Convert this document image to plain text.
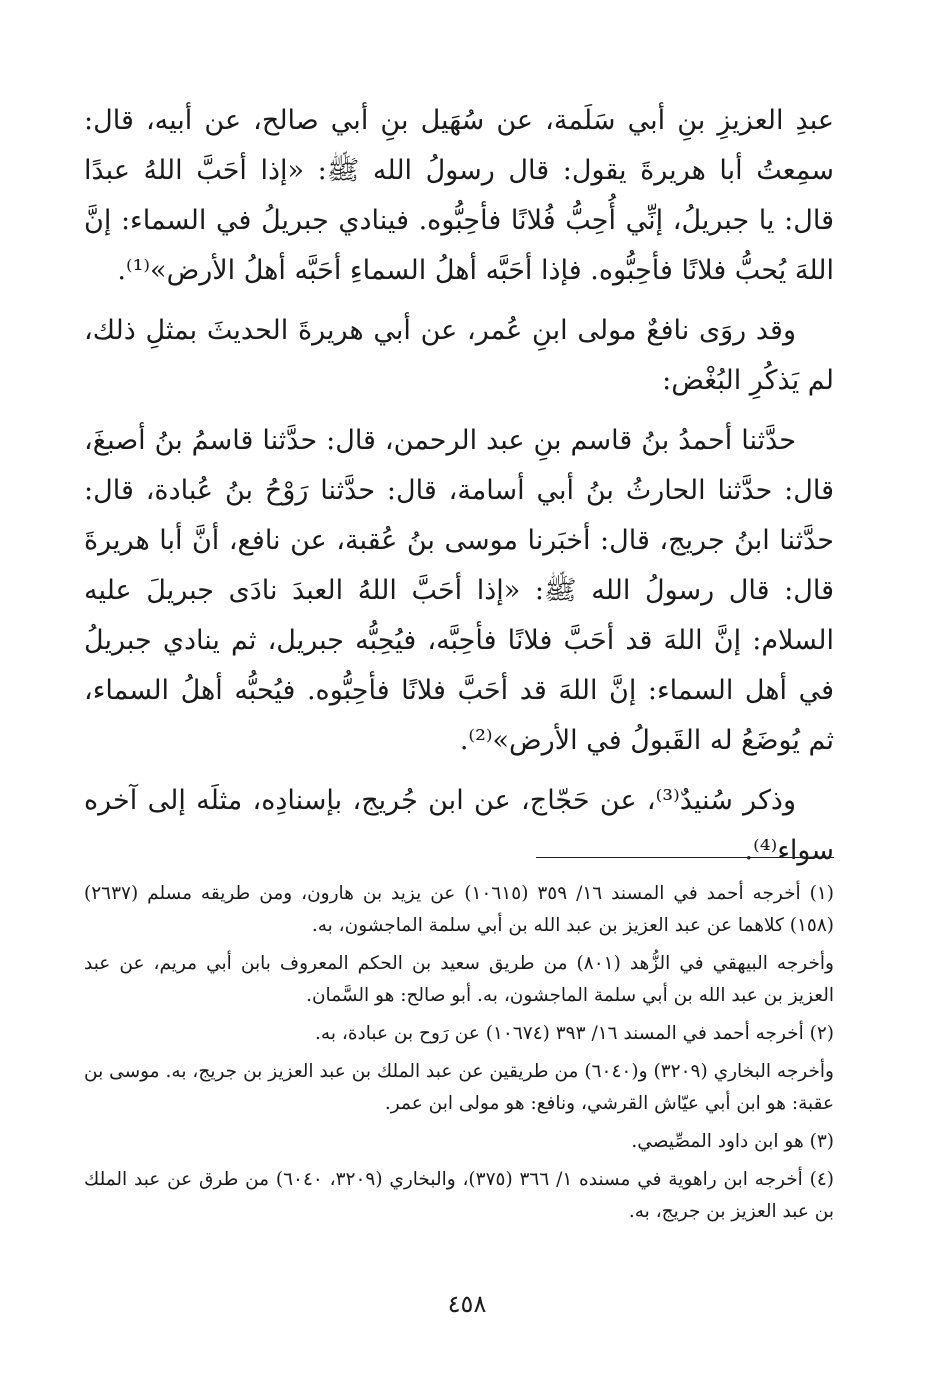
عبدِ العزيزِ بنِ أبي سَلَمة، عن سُهَيل بنِ أبي صالح، عن أبيه، قال: سمِعتُ أبا هريرةَ يقول: قال رسولُ الله ﷺ: «إذا أحَبَّ اللهُ عبدًا قال: يا جبريلُ، إنِّي أُحِبُّ فُلانًا فأحِبُّوه. فينادي جبريلُ في السماء: إنَّ اللهَ يُحبُّ فلانًا فأحِبُّوه. فإذا أحَبَّه أهلُ السماءِ أحَبَّه أهلُ الأرض»⁽¹⁾.

وقد روَى نافعٌ مولى ابنِ عُمر، عن أبي هريرةَ الحديثَ بمثلِ ذلك، لم يَذكُرِ البُغْض:

حدَّثنا أحمدُ بنُ قاسم بنِ عبد الرحمن، قال: حدَّثنا قاسمُ بنُ أصبغَ، قال: حدَّثنا الحارثُ بنُ أبي أسامة، قال: حدَّثنا رَوْحُ بنُ عُبادة، قال: حدَّثنا ابنُ جريج، قال: أخبَرنا موسى بنُ عُقبة، عن نافع، أنَّ أبا هريرةَ قال: قال رسولُ الله ﷺ: «إذا أحَبَّ اللهُ العبدَ نادَى جبريلَ عليه السلام: إنَّ اللهَ قد أحَبَّ فلانًا فأحِبَّه، فيُحِبُّه جبريل، ثم ينادي جبريلُ في أهل السماء: إنَّ اللهَ قد أحَبَّ فلانًا فأحِبُّوه. فيُحبُّه أهلُ السماء، ثم يُوضَعُ له القَبولُ في الأرض»⁽²⁾.

وذكر سُنيدٌ⁽³⁾، عن حَجّاج، عن ابن جُريج، بإسنادِه، مثلَه إلى آخره سواء⁽⁴⁾.

(١) أخرجه أحمد في المسند ١٦/ ٣٥٩ (١٠٦١٥) عن يزيد بن هارون، ومن طريقه مسلم (٢٦٣٧) (١٥٨) كلاهما عن عبد العزيز بن عبد الله بن أبي سلمة الماجشون، به.

وأخرجه البيهقي في الزُّهد (٨٠١) من طريق سعيد بن الحكم المعروف بابن أبي مريم، عن عبد العزيز بن عبد الله بن أبي سلمة الماجشون، به. أبو صالح: هو السَّمان.

(٢) أخرجه أحمد في المسند ١٦/ ٣٩٣ (١٠٦٧٤) عن رَوح بن عبادة، به.

وأخرجه البخاري (٣٢٠٩) و(٦٠٤٠) من طريقين عن عبد الملك بن عبد العزيز بن جريج، به. موسى بن عقبة: هو ابن أبي عيّاش القرشي، ونافع: هو مولى ابن عمر.

(٣) هو ابن داود المصِّيصي.

(٤) أخرجه ابن راهوية في مسنده ١/ ٣٦٦ (٣٧٥)، والبخاري (٣٢٠٩، ٦٠٤٠) من طرق عن عبد الملك بن عبد العزيز بن جريج، به.

٤٥٨
